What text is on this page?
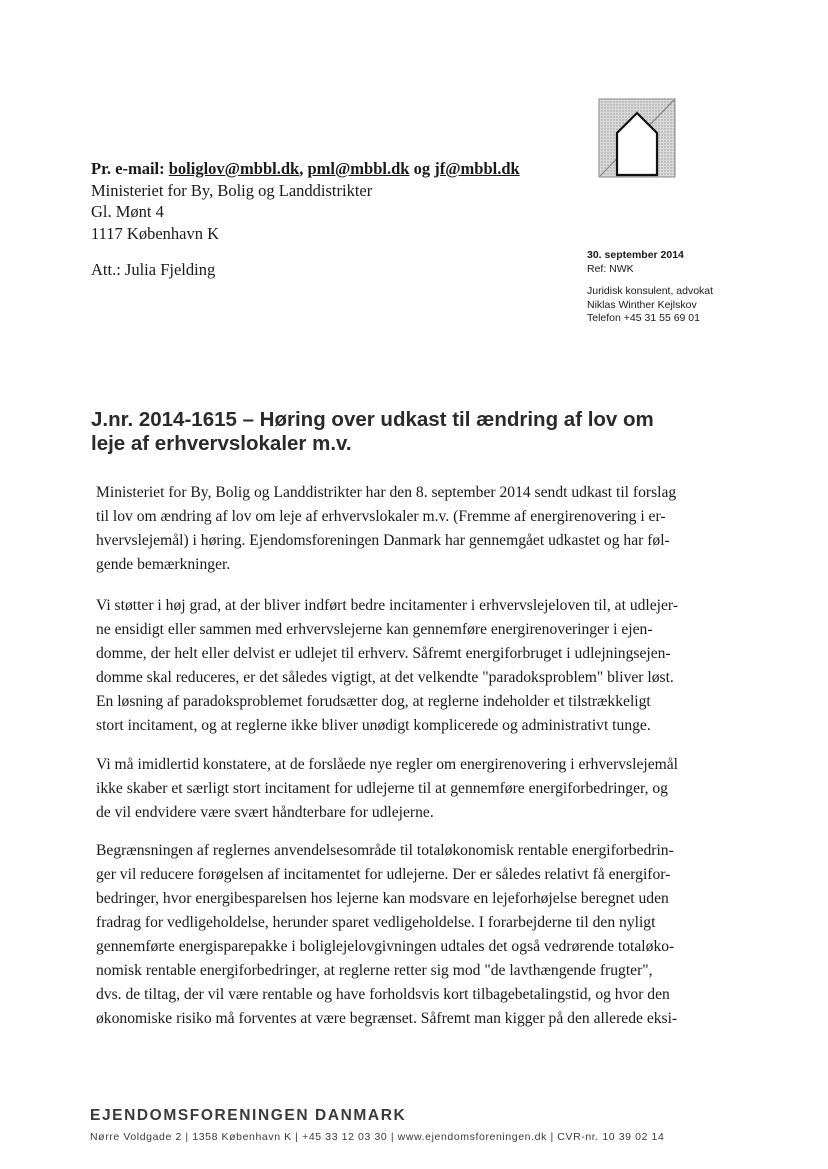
Pr. e-mail: boliglov@mbbl.dk, pml@mbbl.dk og jf@mbbl.dk
Ministeriet for By, Bolig og Landdistrikter
Gl. Mønt 4
1117 København K
Att.: Julia Fjelding
30. september 2014
Ref: NWK
Juridisk konsulent, advokat
Niklas Winther Kejlskov
Telefon +45 31 55 69 01
J.nr. 2014-1615 – Høring over udkast til ændring af lov om
leje af erhvervslokaler m.v.
Ministeriet for By, Bolig og Landdistrikter har den 8. september 2014 sendt udkast til forslag
til lov om ændring af lov om leje af erhvervslokaler m.v. (Fremme af energirenovering i er-
hvervslejemål) i høring. Ejendomsforeningen Danmark har gennemgået udkastet og har føl-
gende bemærkninger.
Vi støtter i høj grad, at der bliver indført bedre incitamenter i erhvervslejeloven til, at udlejer-
ne ensidigt eller sammen med erhvervslejerne kan gennemføre energirenoveringer i ejen-
domme, der helt eller delvist er udlejet til erhverv. Såfremt energiforbruget i udlejningsejen-
domme skal reduceres, er det således vigtigt, at det velkendte "paradoksproblem" bliver løst.
En løsning af paradoksproblemet forudsætter dog, at reglerne indeholder et tilstrækkeligt
stort incitament, og at reglerne ikke bliver unødigt komplicerede og administrativt tunge.
Vi må imidlertid konstatere, at de forslåede nye regler om energirenovering i erhvervslejemål
ikke skaber et særligt stort incitament for udlejerne til at gennemføre energiforbedringer, og
de vil endvidere være svært håndterbare for udlejerne.
Begrænsningen af reglernes anvendelsesområde til totaløkonomisk rentable energiforbedrin-
ger vil reducere forøgelsen af incitamentet for udlejerne. Der er således relativt få energifor-
bedringer, hvor energibesparelsen hos lejerne kan modsvare en lejeforhøjelse beregnet uden
fradrag for vedligeholdelse, herunder sparet vedligeholdelse. I forarbejderne til den nyligt
gennemførte energisparepakke i boliglejelovgivningen udtales det også vedrørende totaløko-
nomisk rentable energiforbedringer, at reglerne retter sig mod "de lavthængende frugter",
dvs. de tiltag, der vil være rentable og have forholdsvis kort tilbagebetalingstid, og hvor den
økonomiske risiko må forventes at være begrænset. Såfremt man kigger på den allerede eksi-
EJENDOMSFORENINGEN DANMARK
Nørre Voldgade 2 | 1358 København K | +45 33 12 03 30 | www.ejendomsforeningen.dk | CVR-nr. 10 39 02 14
